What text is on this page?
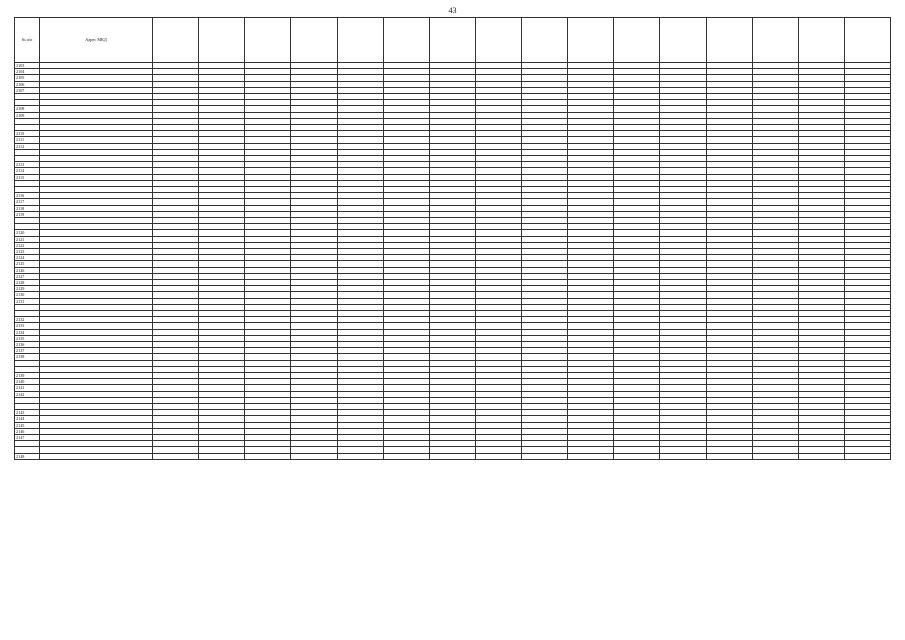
43
№ п/п	Адрес МКД																
2103																	
2104																	
2105																	
2106																	
2107																	

2108																	
2109																	

2110																	
2111																	
2112																	

2113																	
2114																	
2115																	

2116																	
2117																	
2118																	
2119																	

2120																	
2121																	
2122																	
2123																	
2124																	
2125																	
2126																	
2127																	
2128																	
2129																	
2130																	
2131																	

2132																	
2133																	
2134																	
2135																	
2136																	
2137																	
2138																	

2139																	
2140																	
2141																	
2142																	

2143																	
2144																	
2145																	
2146																	
2147																	

2148																	
